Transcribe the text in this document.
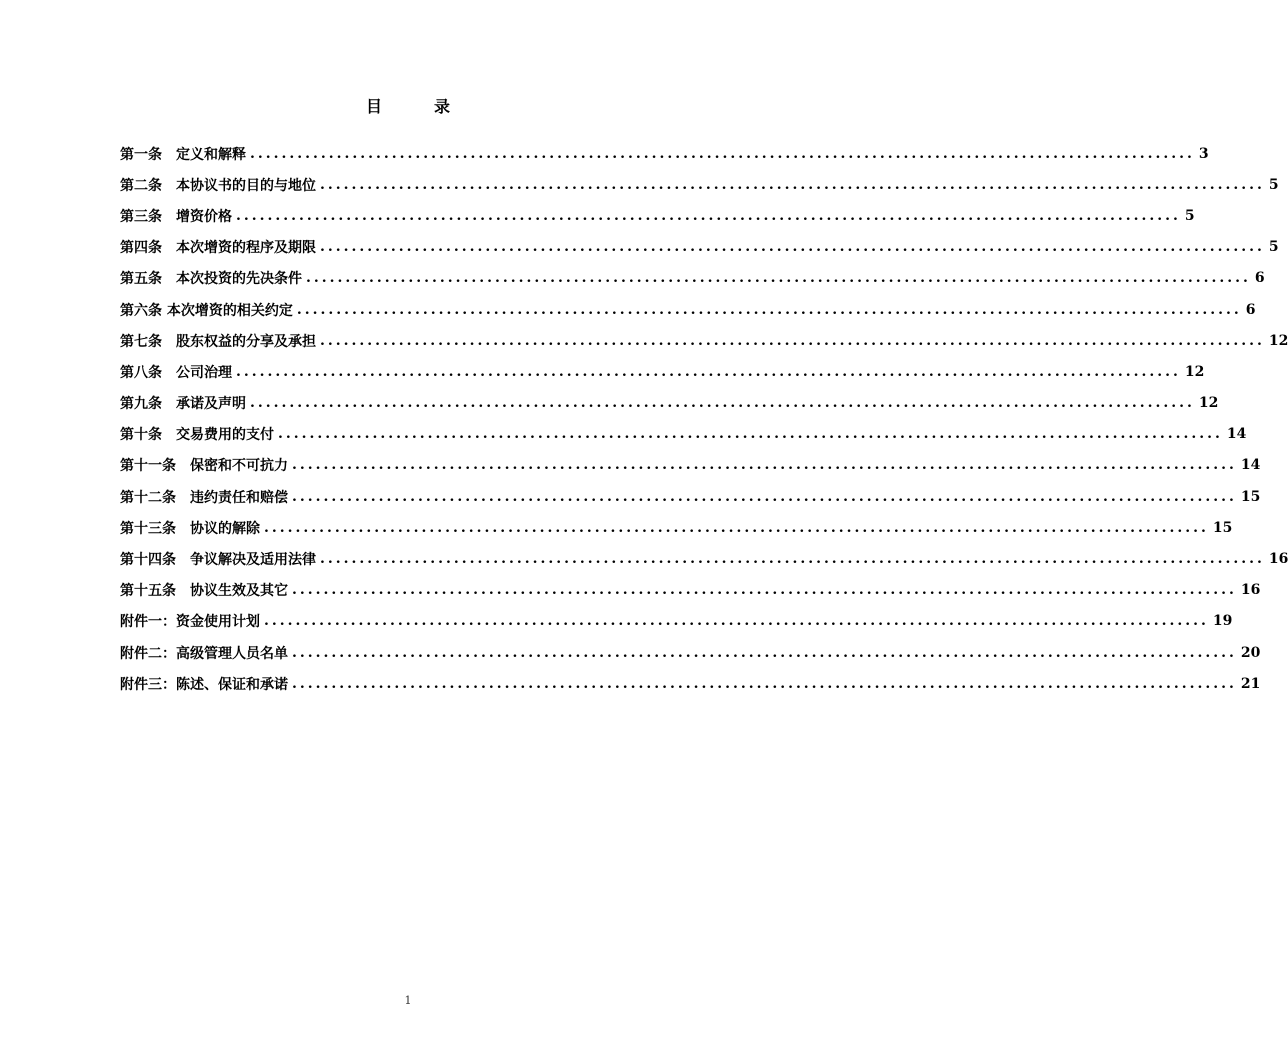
目　录
第一条　定义和解释 ........................................................................................................................ 3
第二条　本协议书的目的与地位 ........................................................................................................................ 5
第三条　增资价格 ........................................................................................................................ 5
第四条　本次增资的程序及期限 ........................................................................................................................ 5
第五条　本次投资的先决条件 ........................................................................................................................ 6
第六条 本次增资的相关约定 ........................................................................................................................ 6
第七条　股东权益的分享及承担 ........................................................................................................................ 12
第八条　公司治理 ........................................................................................................................ 12
第九条　承诺及声明 ........................................................................................................................ 12
第十条　交易费用的支付 ........................................................................................................................ 14
第十一条　保密和不可抗力 ........................................................................................................................ 14
第十二条　违约责任和赔偿 ........................................................................................................................ 15
第十三条　协议的解除 ........................................................................................................................ 15
第十四条　争议解决及适用法律 ........................................................................................................................ 16
第十五条　协议生效及其它 ........................................................................................................................ 16
附件一：资金使用计划 ........................................................................................................................ 19
附件二：高级管理人员名单 ........................................................................................................................ 20
附件三：陈述、保证和承诺 ........................................................................................................................ 21
1
